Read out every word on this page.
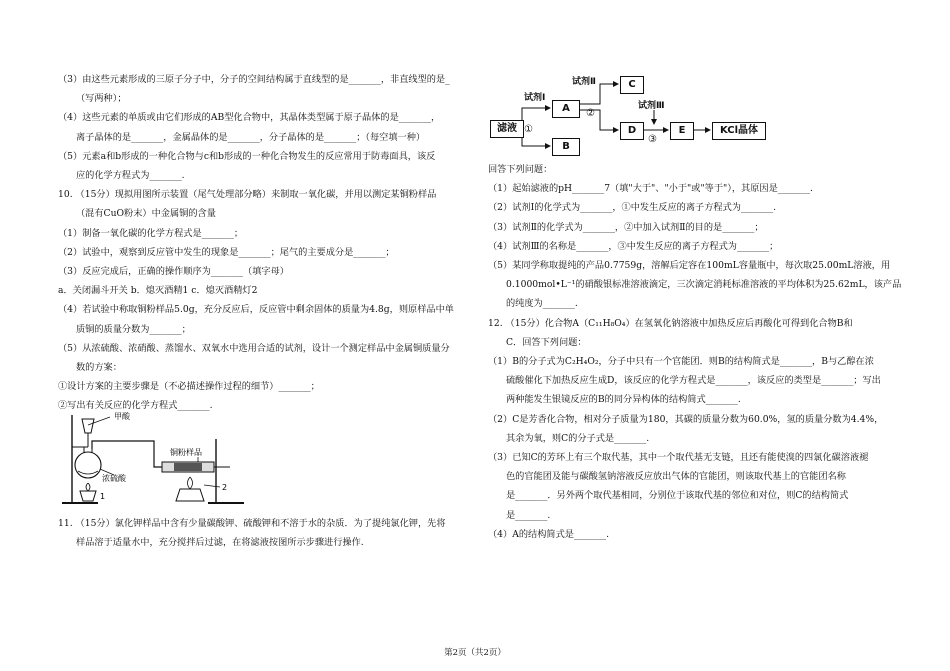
（3）由这些元素形成的三原子分子中，分子的空间结构属于直线型的是_______，非直线型的是_
（写两种）；
（4）这些元素的单质或由它们形成的AB型化合物中，其晶体类型属于原子晶体的是_______，
离子晶体的是_______，金属晶体的是_______，分子晶体的是_______；（每空填一种）
（5）元素a和b形成的一种化合物与c和b形成的一种化合物发生的反应常用于防毒面具，该反
应的化学方程式为_______.
10. （15分）现拟用图所示装置（尾气处理部分略）来制取一氧化碳，并用以测定某铜粉样品
（混有CuO粉末）中金属铜的含量
（1）制备一氧化碳的化学方程式是_______；
（2）试验中，观察到反应管中发生的现象是_______；尾气的主要成分是_______；
（3）反应完成后，正确的操作顺序为_______（填字母）
a．关闭漏斗开关 b．熄灭酒精1 c．熄灭酒精灯2
（4）若试验中称取铜粉样品5.0g，充分反应后，反应管中剩余固体的质量为4.8g，则原样品中单
质铜的质量分数为_______；
（5）从浓硫酸、浓硝酸、蒸馏水、双氧水中选用合适的试剂，设计一个测定样品中金属铜质量分
数的方案：
①设计方案的主要步骤是（不必描述操作过程的细节）_______；
②写出有关反应的化学方程式_______.
甲酸
铜粉样品
浓硫酸
1
2
11. （15分）氯化钾样品中含有少量碳酸钾、硫酸钾和不溶于水的杂质．为了提纯氯化钾，先将
样品溶于适量水中，充分搅拌后过滤，在将滤液按图所示步骤进行操作.
滤液
A
B
C
D	E	KCl晶体
试剂Ⅰ
试剂Ⅱ
试剂Ⅲ
①
②
③
回答下列问题：
（1）起始滤液的pH_______7（填"大于"、"小于"或"等于"），其原因是_______.
（2）试剂Ⅰ的化学式为_______，①中发生反应的离子方程式为_______.
（3）试剂Ⅱ的化学式为_______，②中加入试剂Ⅱ的目的是_______；
（4）试剂Ⅲ的名称是_______，③中发生反应的离子方程式为_______；
（5）某同学称取提纯的产品0.7759g，溶解后定容在100mL容量瓶中，每次取25.00mL溶液，用
0.1000mol•L⁻¹的硝酸银标准溶液滴定，三次滴定消耗标准溶液的平均体积为25.62mL，该产品
的纯度为_______.
12. （15分）化合物A（C₁₁H₈O₄）在氢氧化钠溶液中加热反应后再酸化可得到化合物B和
C．回答下列问题：
（1）B的分子式为C₂H₄O₂，分子中只有一个官能团．则B的结构简式是_______，B与乙醇在浓
硫酸催化下加热反应生成D，该反应的化学方程式是_______，该反应的类型是_______；写出
两种能发生银镜反应的B的同分异构体的结构简式_______.
（2）C是芳香化合物，相对分子质量为180，其碳的质量分数为60.0%，氢的质量分数为4.4%，
其余为氧，则C的分子式是_______.
（3）已知C的芳环上有三个取代基，其中一个取代基无支链，且还有能使溴的四氯化碳溶液褪
色的官能团及能与碳酸氢钠溶液反应放出气体的官能团，则该取代基上的官能团名称
是_______．另外两个取代基相同，分别位于该取代基的邻位和对位，则C的结构简式
是_______.
（4）A的结构简式是_______.
第2页（共2页）
